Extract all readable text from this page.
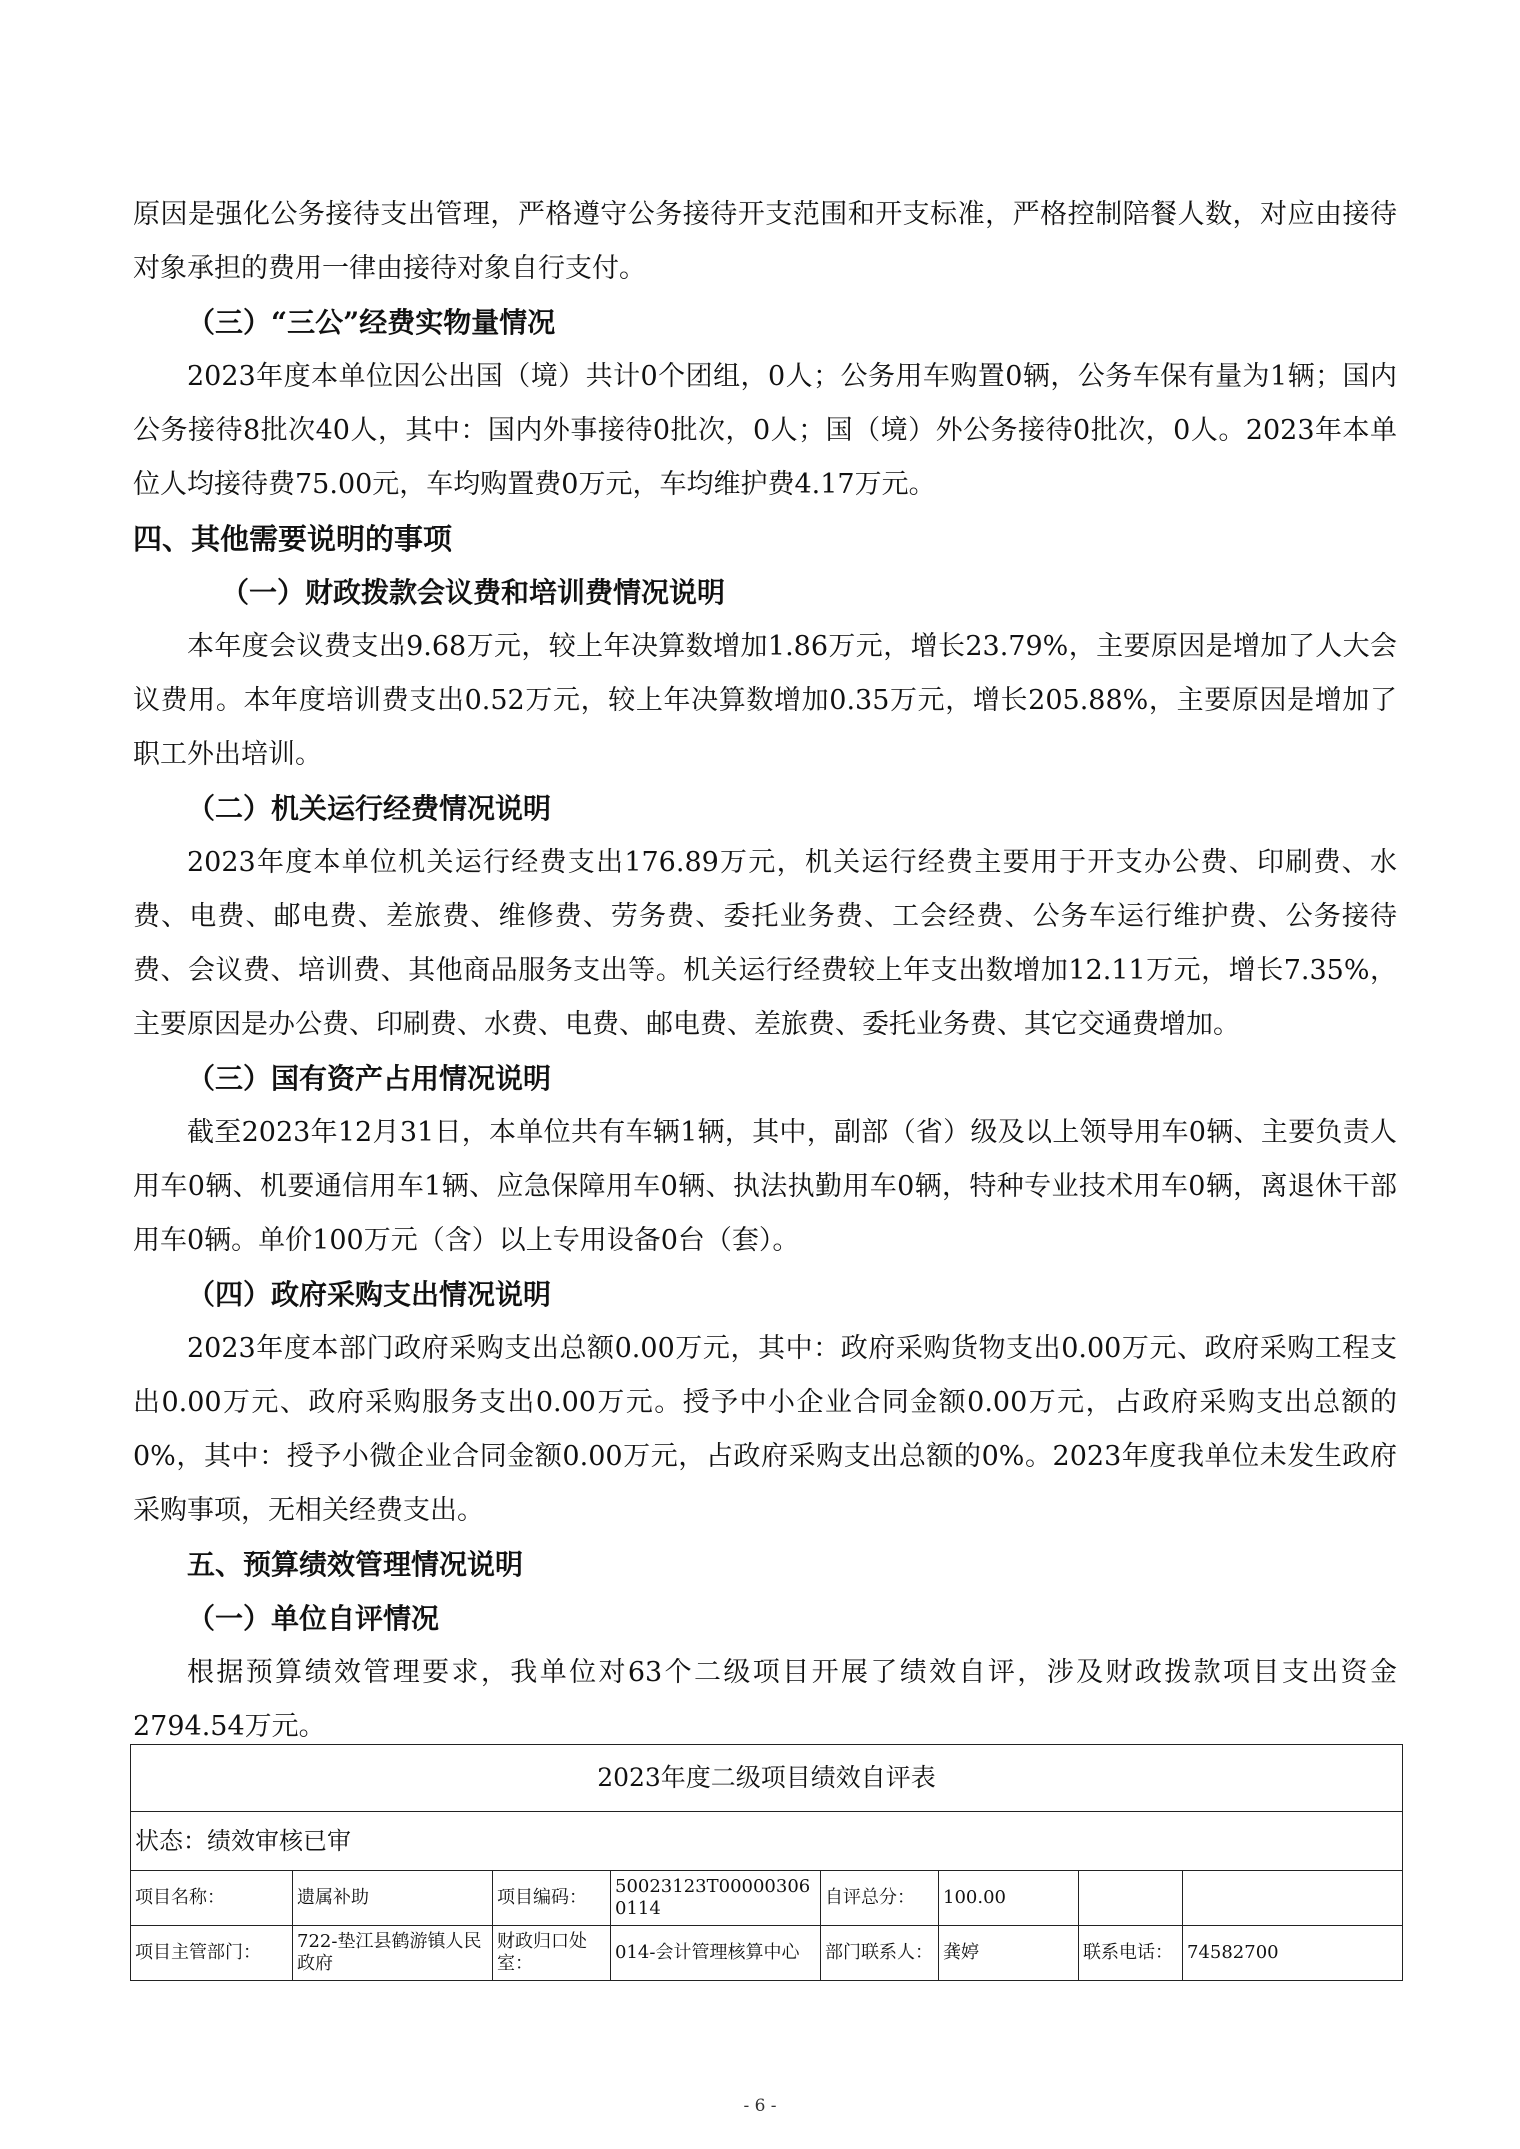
原因是强化公务接待支出管理，严格遵守公务接待开支范围和开支标准，严格控制陪餐人数，对应由接待对象承担的费用一律由接待对象自行支付。

（三）“三公”经费实物量情况

2023年度本单位因公出国（境）共计0个团组，0人；公务用车购置0辆，公务车保有量为1辆；国内公务接待8批次40人，其中：国内外事接待0批次，0人；国（境）外公务接待0批次，0人。2023年本单位人均接待费75.00元，车均购置费0万元，车均维护费4.17万元。

四、其他需要说明的事项

（一）财政拨款会议费和培训费情况说明

本年度会议费支出9.68万元，较上年决算数增加1.86万元，增长23.79%，主要原因是增加了人大会议费用。本年度培训费支出0.52万元，较上年决算数增加0.35万元，增长205.88%，主要原因是增加了职工外出培训。

（二）机关运行经费情况说明

2023年度本单位机关运行经费支出176.89万元，机关运行经费主要用于开支办公费、印刷费、水费、电费、邮电费、差旅费、维修费、劳务费、委托业务费、工会经费、公务车运行维护费、公务接待费、会议费、培训费、其他商品服务支出等。机关运行经费较上年支出数增加12.11万元，增长7.35%，主要原因是办公费、印刷费、水费、电费、邮电费、差旅费、委托业务费、其它交通费增加。

（三）国有资产占用情况说明

截至2023年12月31日，本单位共有车辆1辆，其中，副部（省）级及以上领导用车0辆、主要负责人用车0辆、机要通信用车1辆、应急保障用车0辆、执法执勤用车0辆，特种专业技术用车0辆，离退休干部用车0辆。单价100万元（含）以上专用设备0台（套）。

（四）政府采购支出情况说明

2023年度本部门政府采购支出总额0.00万元，其中：政府采购货物支出0.00万元、政府采购工程支出0.00万元、政府采购服务支出0.00万元。授予中小企业合同金额0.00万元，占政府采购支出总额的0%，其中：授予小微企业合同金额0.00万元，占政府采购支出总额的0%。2023年度我单位未发生政府采购事项，无相关经费支出。

五、预算绩效管理情况说明

（一）单位自评情况

根据预算绩效管理要求，我单位对63个二级项目开展了绩效自评，涉及财政拨款项目支出资金2794.54万元。

2023年度二级项目绩效自评表							
状态：绩效审核已审							
项目名称：	遗属补助	项目编码：	50023123T000003060114	自评总分：	100.00		
项目主管部门：	722-垫江县鹤游镇人民政府	财政归口处室：	014-会计管理核算中心	部门联系人：	龚婷	联系电话：	74582700
- 6 -
